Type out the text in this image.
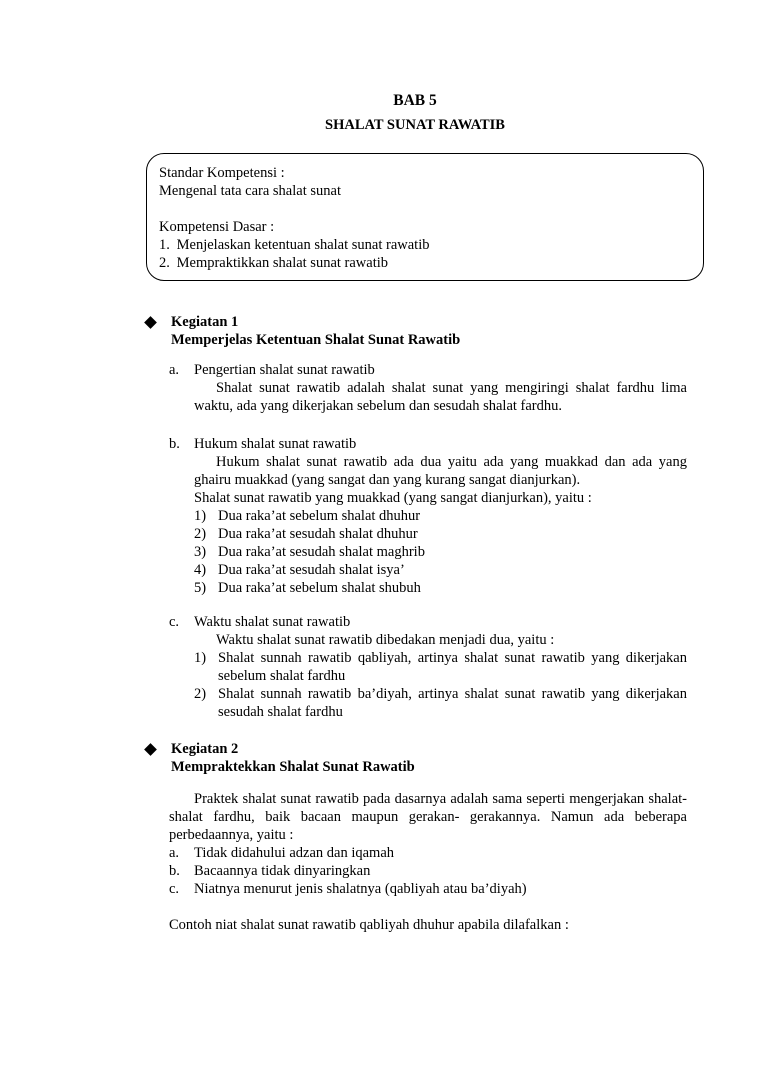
BAB 5
SHALAT SUNAT RAWATIB

Standar Kompetensi :

Mengenal tata cara shalat sunat

Kompetensi Dasar :

1. Menjelaskan ketentuan shalat sunat rawatib
2. Mempraktikkan shalat sunat rawatib
Kegiatan 1
Memperjelas Ketentuan Shalat Sunat Rawatib
a. Pengertian shalat sunat rawatib

Shalat sunat rawatib adalah shalat sunat yang mengiringi shalat fardhu lima waktu, ada yang dikerjakan sebelum dan sesudah shalat fardhu.

b. Hukum shalat sunat rawatib

Hukum shalat sunat rawatib ada dua yaitu ada yang muakkad dan ada yang ghairu muakkad (yang sangat dan yang kurang sangat dianjurkan).

Shalat sunat rawatib yang muakkad (yang sangat dianjurkan), yaitu :

1) Dua raka’at sebelum shalat dhuhur
2) Dua raka’at sesudah shalat dhuhur
3) Dua raka’at sesudah shalat maghrib
4) Dua raka’at sesudah shalat isya’
5) Dua raka’at sebelum shalat shubuh
c. Waktu shalat sunat rawatib

Waktu shalat sunat rawatib dibedakan menjadi dua, yaitu :

1) Shalat sunnah rawatib qabliyah, artinya shalat sunat rawatib yang dikerjakan sebelum shalat fardhu
2) Shalat sunnah rawatib ba’diyah, artinya shalat sunat rawatib yang dikerjakan sesudah shalat fardhu
Kegiatan 2
Mempraktekkan Shalat Sunat Rawatib

Praktek shalat sunat rawatib pada dasarnya adalah sama seperti mengerjakan shalat- shalat fardhu, baik bacaan maupun gerakan- gerakannya. Namun ada beberapa perbedaannya, yaitu :

a. Tidak didahului adzan dan iqamah
b. Bacaannya tidak dinyaringkan
c. Niatnya menurut jenis shalatnya (qabliyah atau ba’diyah)

Contoh niat shalat sunat rawatib qabliyah dhuhur apabila dilafalkan :
